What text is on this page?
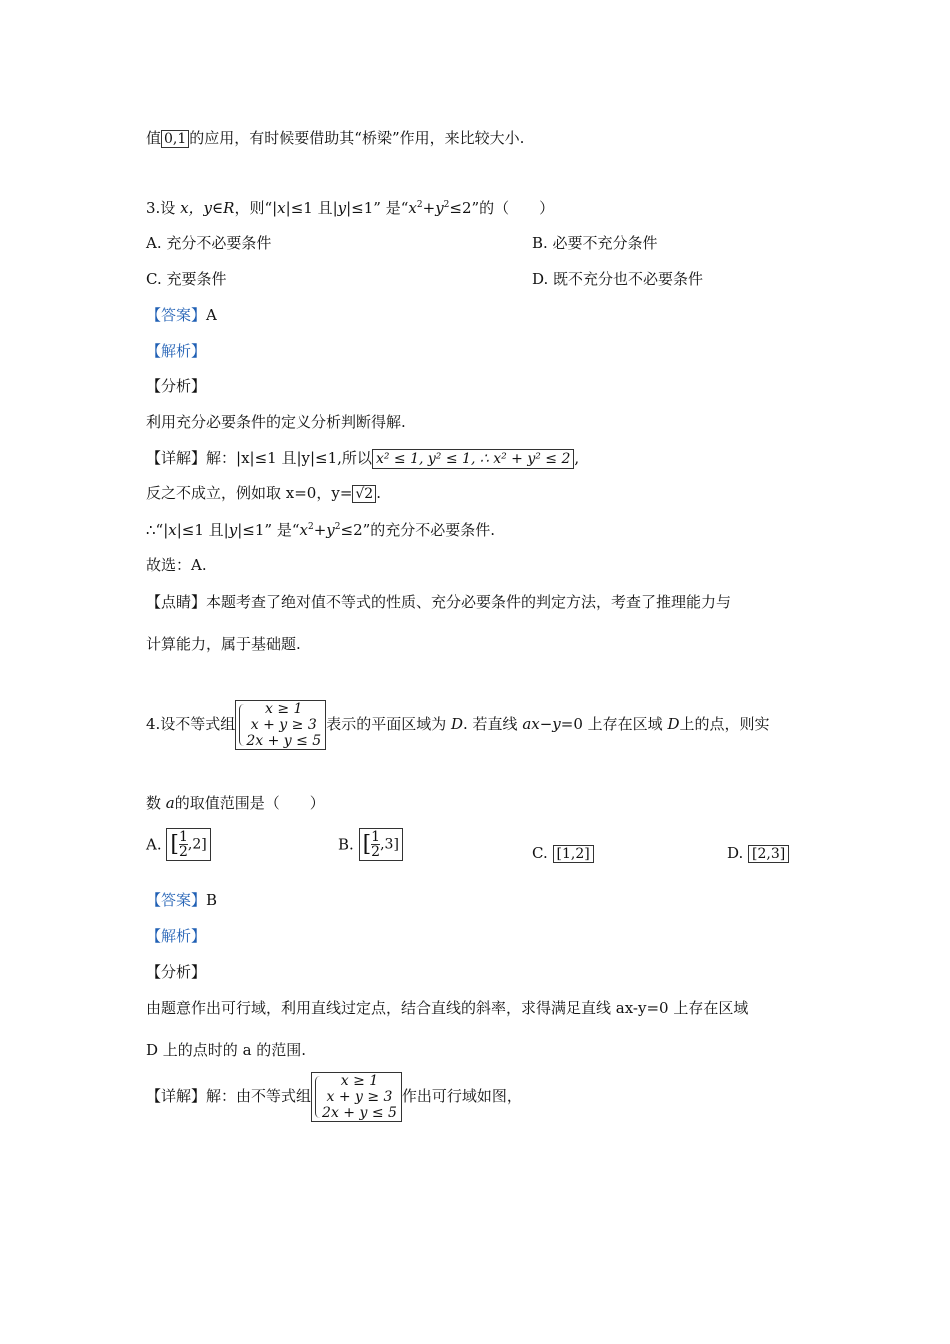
值 0,1 的应用，有时候要借助其“桥梁”作用，来比较大小.
3.设 x，y∈R，则“|x|≤1 且|y|≤1” 是“$x^2+y^2\le 2$”的（　　）
A. 充分不必要条件	B. 必要不充分条件
C. 充要条件	D. 既不充分也不必要条件
【答案】A
【解析】
【分析】
利用充分必要条件的定义分析判断得解.
【详解】解：|x|≤1 且|y|≤1,所以 x² ≤ 1, y² ≤ 1, ∴ x² + y² ≤ 2 ,
反之不成立，例如取 x=0，y= √2 .
∴“|x|≤1 且|y|≤1” 是“$x^2+y^2\le 2$”的充分不必要条件.
故选：A.
【点睛】本题考查了绝对值不等式的性质、充分必要条件的判定方法，考查了推理能力与
计算能力，属于基础题.
4.设不等式组
x ≥ 1
x + y ≥ 3
2x + y ≤ 5
表示的平面区域为 D. 若直线 ax−y=0 上存在区域 D上的点，则实
数 a的取值范围是（　　）
A. [ $\frac{1}{2} ,2$]	B. [ $\frac{1}{2} ,3$]	C. [1,2]	D. [2,3]
【答案】B
【解析】
【分析】
由题意作出可行域，利用直线过定点，结合直线的斜率，求得满足直线 ax-y=0 上存在区域
D 上的点时的 a 的范围.
【详解】解：由不等式组
x ≥ 1
x + y ≥ 3
2x + y ≤ 5
作出可行域如图，
